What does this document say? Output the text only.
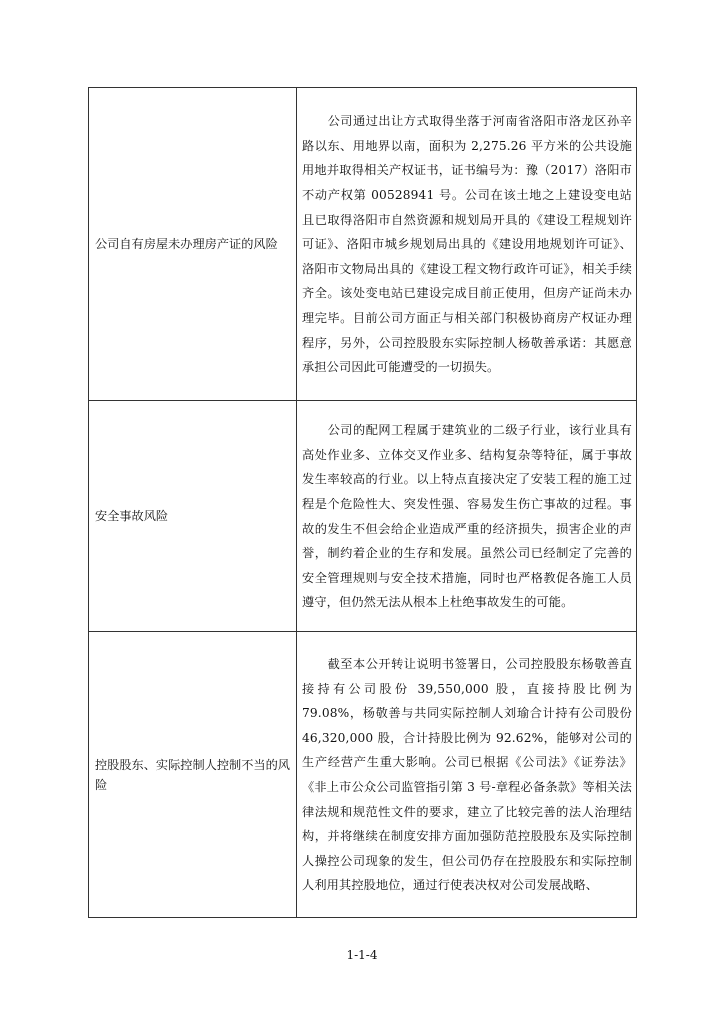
公司自有房屋未办理房产证的风险	公司通过出让方式取得坐落于河南省洛阳市洛龙区孙辛路以东、用地界以南，面积为 2,275.26 平方米的公共设施用地并取得相关产权证书，证书编号为：豫（2017）洛阳市不动产权第 00528941 号。公司在该土地之上建设变电站且已取得洛阳市自然资源和规划局开具的《建设工程规划许可证》、洛阳市城乡规划局出具的《建设用地规划许可证》、洛阳市文物局出具的《建设工程文物行政许可证》，相关手续齐全。该处变电站已建设完成目前正使用，但房产证尚未办理完毕。目前公司方面正与相关部门积极协商房产权证办理程序，另外，公司控股股东实际控制人杨敬善承诺：其愿意承担公司因此可能遭受的一切损失。

安全事故风险	公司的配网工程属于建筑业的二级子行业，该行业具有高处作业多、立体交叉作业多、结构复杂等特征，属于事故发生率较高的行业。以上特点直接决定了安装工程的施工过程是个危险性大、突发性强、容易发生伤亡事故的过程。事故的发生不但会给企业造成严重的经济损失，损害企业的声誉，制约着企业的生存和发展。虽然公司已经制定了完善的安全管理规则与安全技术措施，同时也严格教促各施工人员遵守，但仍然无法从根本上杜绝事故发生的可能。

控股股东、实际控制人控制不当的风险	截至本公开转让说明书签署日，公司控股股东杨敬善直接持有公司股份 39,550,000 股，直接持股比例为 79.08%，杨敬善与共同实际控制人刘瑜合计持有公司股份 46,320,000 股，合计持股比例为 92.62%，能够对公司的生产经营产生重大影响。公司已根据《公司法》《证券法》《非上市公众公司监管指引第 3 号-章程必备条款》等相关法律法规和规范性文件的要求，建立了比较完善的法人治理结构，并将继续在制度安排方面加强防范控股股东及实际控制人操控公司现象的发生，但公司仍存在控股股东和实际控制人利用其控股地位，通过行使表决权对公司发展战略、

1-1-4
